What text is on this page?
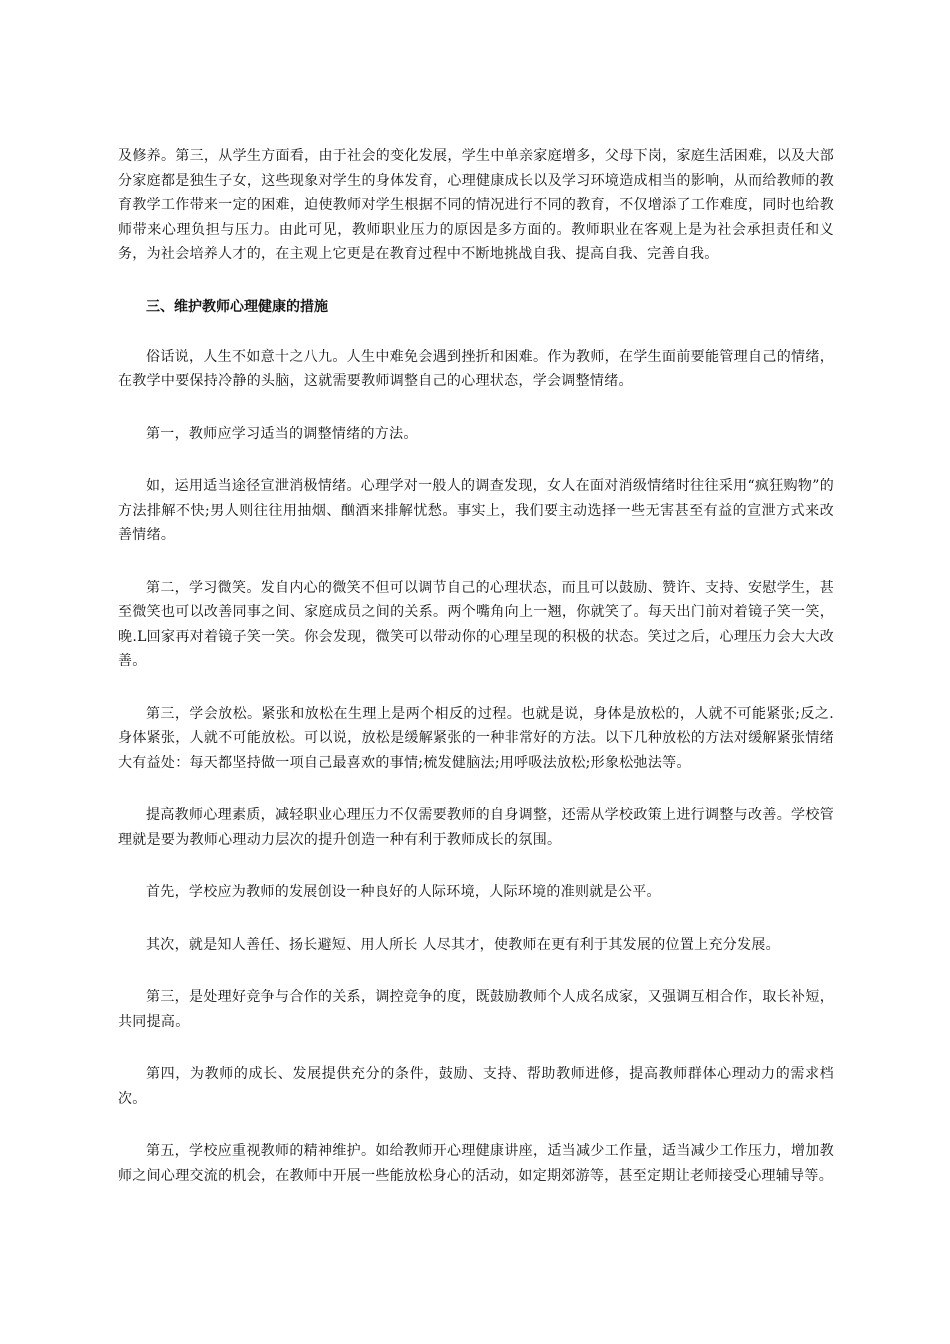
及修养。第三，从学生方面看，由于社会的变化发展，学生中单亲家庭增多，父母下岗，家庭生活困难，以及大部分家庭都是独生子女，这些现象对学生的身体发育，心理健康成长以及学习环境造成相当的影响，从而给教师的教育教学工作带来一定的困难，迫使教师对学生根据不同的情况进行不同的教育，不仅增添了工作难度，同时也给教师带来心理负担与压力。由此可见，教师职业压力的原因是多方面的。教师职业在客观上是为社会承担责任和义务，为社会培养人才的，在主观上它更是在教育过程中不断地挑战自我、提高自我、完善自我。

三、维护教师心理健康的措施

俗话说，人生不如意十之八九。人生中难免会遇到挫折和困难。作为教师，在学生面前要能管理自己的情绪，在教学中要保持冷静的头脑，这就需要教师调整自己的心理状态，学会调整情绪。

第一，教师应学习适当的调整情绪的方法。

如，运用适当途径宣泄消极情绪。心理学对一般人的调查发现，女人在面对消级情绪时往往采用“疯狂购物”的方法排解不快;男人则往往用抽烟、酗酒来排解忧愁。事实上，我们要主动选择一些无害甚至有益的宣泄方式来改善情绪。

第二，学习微笑。发自内心的微笑不但可以调节自己的心理状态，而且可以鼓励、赞许、支持、安慰学生，甚至微笑也可以改善同事之间、家庭成员之间的关系。两个嘴角向上一翘，你就笑了。每天出门前对着镜子笑一笑，晚.L回家再对着镜子笑一笑。你会发现，微笑可以带动你的心理呈现的积极的状态。笑过之后，心理压力会大大改善。

第三，学会放松。紧张和放松在生理上是两个相反的过程。也就是说，身体是放松的，人就不可能紧张;反之.身体紧张，人就不可能放松。可以说，放松是缓解紧张的一种非常好的方法。以下几种放松的方法对缓解紧张情绪大有益处：每天都坚持做一项自己最喜欢的事情;梳发健脑法;用呼吸法放松;形象松弛法等。

提高教师心理素质，减轻职业心理压力不仅需要教师的自身调整，还需从学校政策上进行调整与改善。学校管理就是要为教师心理动力层次的提升创造一种有利于教师成长的氛围。

首先，学校应为教师的发展创设一种良好的人际环境，人际环境的准则就是公平。

其次，就是知人善任、扬长避短、用人所长 人尽其才，使教师在更有利于其发展的位置上充分发展。

第三，是处理好竞争与合作的关系，调控竞争的度，既鼓励教师个人成名成家，又强调互相合作，取长补短，共同提高。

第四，为教师的成长、发展提供充分的条件，鼓励、支持、帮助教师进修，提高教师群体心理动力的需求档次。

第五，学校应重视教师的精神维护。如给教师开心理健康讲座，适当减少工作量，适当减少工作压力，增加教师之间心理交流的机会，在教师中开展一些能放松身心的活动，如定期郊游等，甚至定期让老师接受心理辅导等。
